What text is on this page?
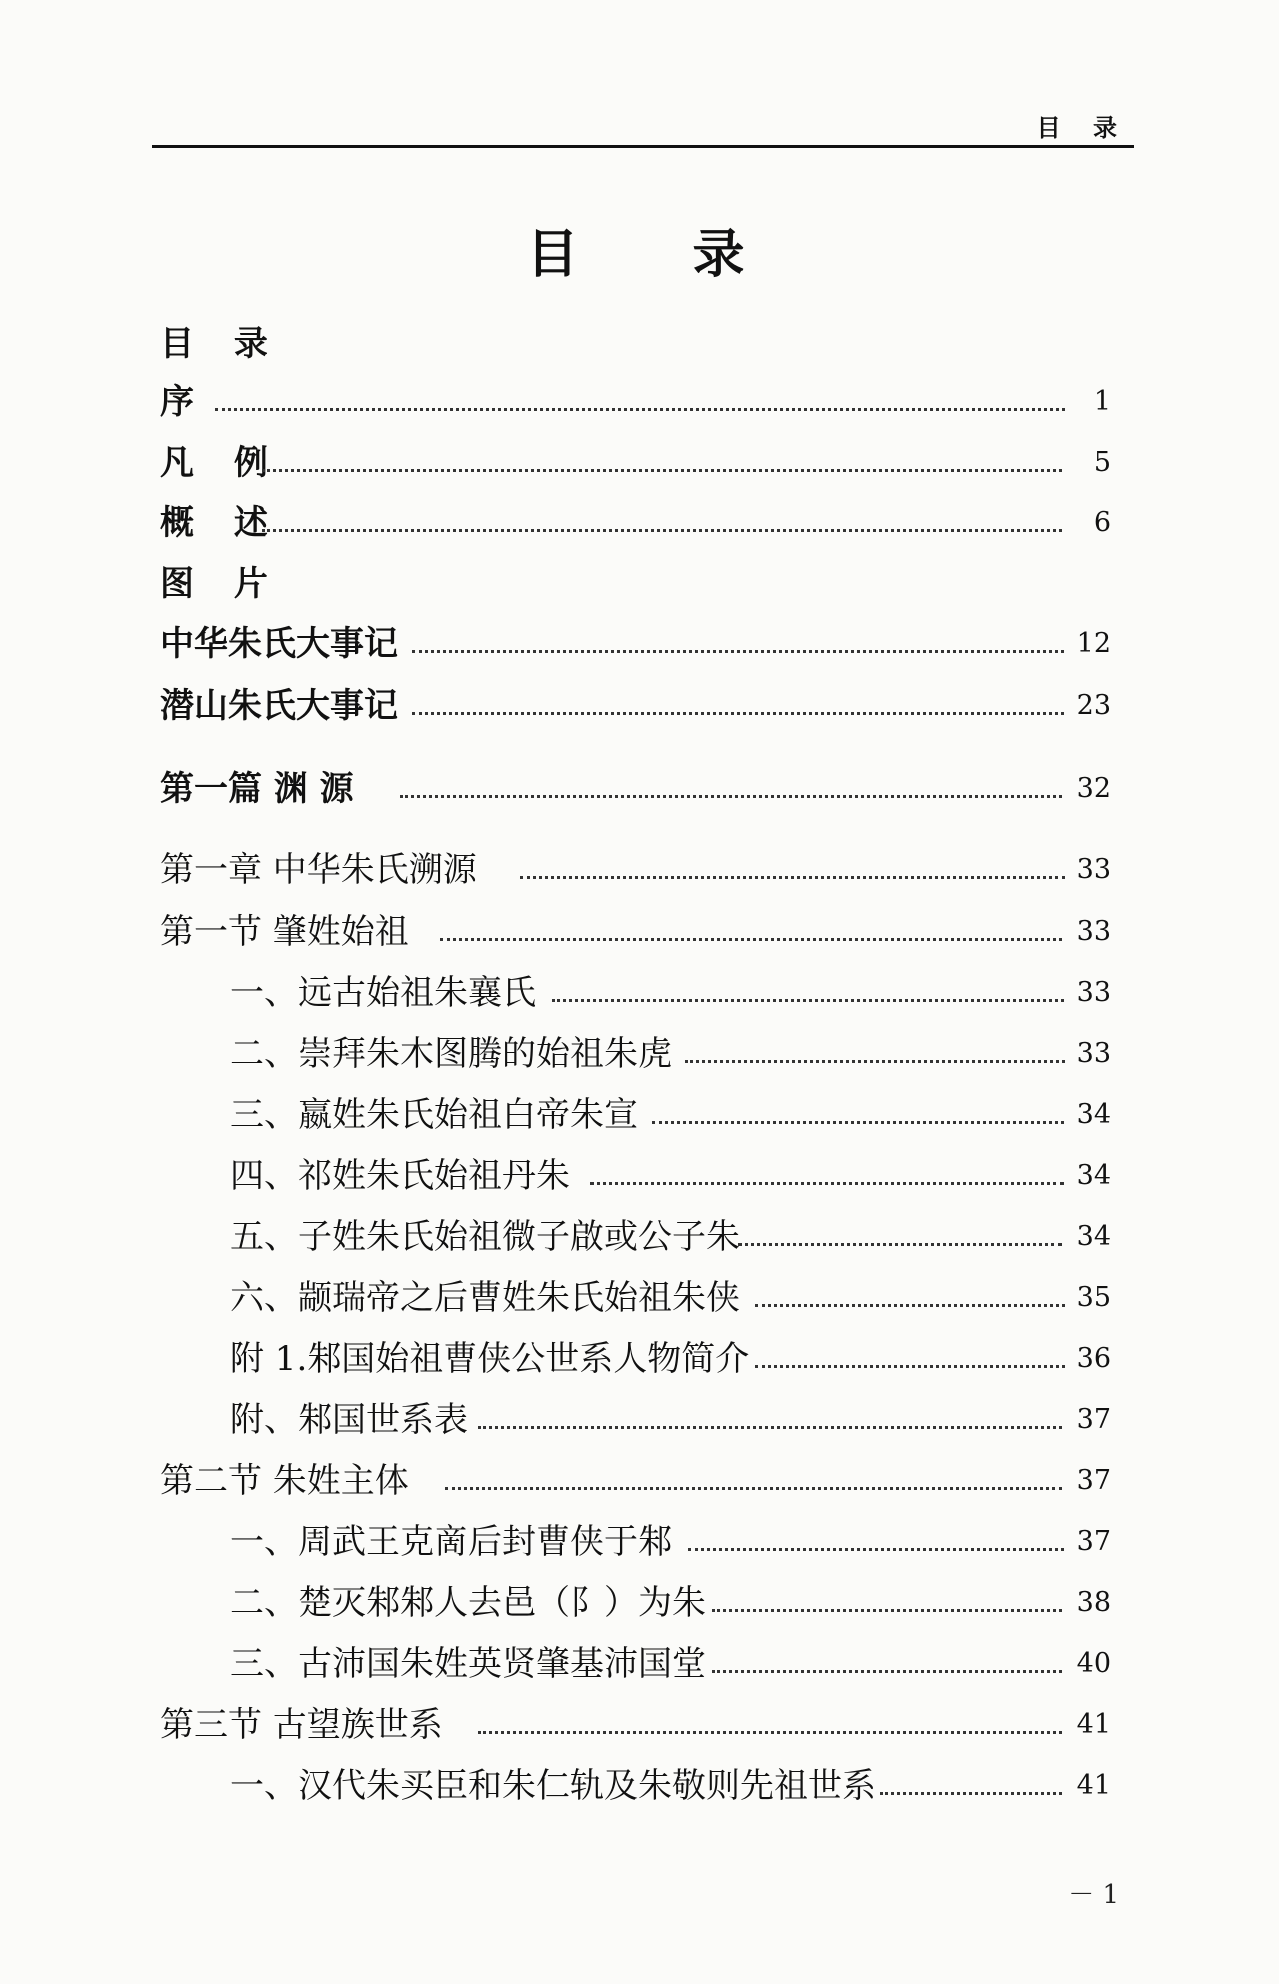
目 录
目 录
目 录
序	1
凡 例	5
概 述	6
图 片
中华朱氏大事记	12
潜山朱氏大事记	23
第一篇 渊 源	32
第一章 中华朱氏溯源	33
第一节 肇姓始祖	33
一、远古始祖朱襄氏	33
二、崇拜朱木图腾的始祖朱虎	33
三、嬴姓朱氏始祖白帝朱宣	34
四、祁姓朱氏始祖丹朱	34
五、子姓朱氏始祖微子啟或公子朱	34
六、颛瑞帝之后曹姓朱氏始祖朱侠	35
附 1.邾国始祖曹侠公世系人物简介	36
附、邾国世系表	37
第二节 朱姓主体	37
一、周武王克啇后封曹侠于邾	37
二、楚灭邾邾人去邑（阝）为朱	38
三、古沛国朱姓英贤肇基沛国堂	40
第三节 古望族世系	41
一、汉代朱买臣和朱仁轨及朱敬则先祖世系	41
－ 1
